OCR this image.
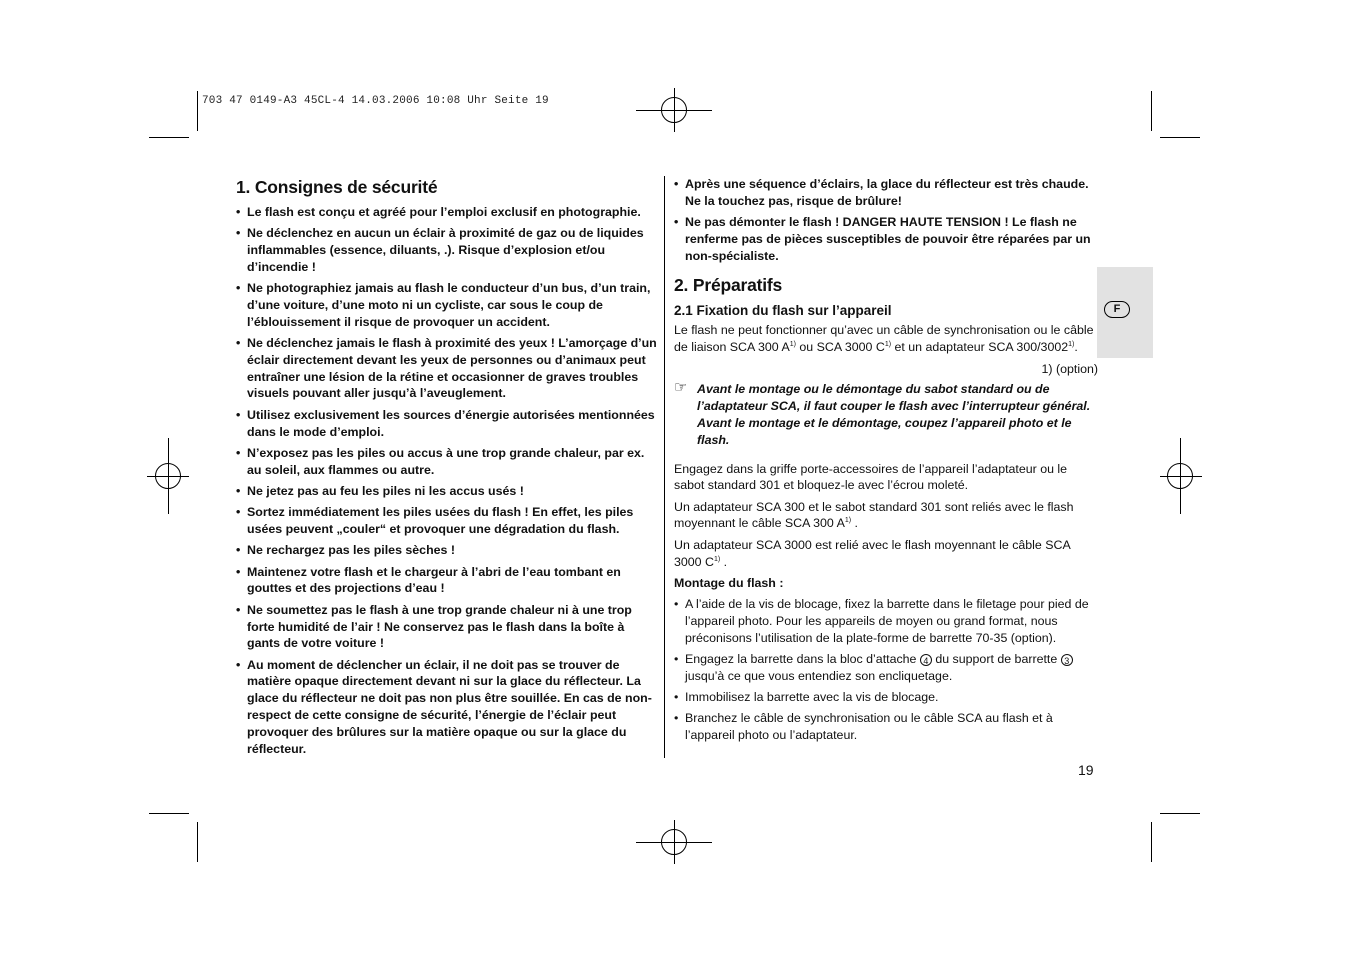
703 47 0149-A3 45CL-4 14.03.2006 10:08 Uhr Seite 19
1. Consignes de sécurité
• Le flash est conçu et agréé pour l’emploi exclusif en photographie.
• Ne déclenchez en aucun un éclair à proximité de gaz ou de liquides inflammables (essence, diluants, .). Risque d’explosion et/ou d’incendie !
• Ne photographiez jamais au flash le conducteur d’un bus, d’un train, d’une voiture, d’une moto ni un cycliste, car sous le coup de l’éblouissement il risque de provoquer un accident.
• Ne déclenchez jamais le flash à proximité des yeux ! L’amorçage d’un éclair directement devant les yeux de personnes ou d’animaux peut entraîner une lésion de la rétine et occasionner de graves troubles visuels pouvant aller jusqu’à l’aveuglement.
• Utilisez exclusivement les sources d’énergie autorisées mentionnées dans le mode d’emploi.
• N’exposez pas les piles ou accus à une trop grande chaleur, par ex. au soleil, aux flammes ou autre.
• Ne jetez pas au feu les piles ni les accus usés !
• Sortez immédiatement les piles usées du flash ! En effet, les piles usées peuvent „couler“ et provoquer une dégradation du flash.
• Ne rechargez pas les piles sèches !
• Maintenez votre flash et le chargeur à l’abri de l’eau tombant en gouttes et des projections d’eau !
• Ne soumettez pas le flash à une trop grande chaleur ni à une trop forte humidité de l’air ! Ne conservez pas le flash dans la boîte à gants de votre voiture !
• Au moment de déclencher un éclair, il ne doit pas se trouver de matière opaque directement devant ni sur la glace du réflecteur. La glace du réflecteur ne doit pas non plus être souillée. En cas de non-respect de cette consigne de sécurité, l’énergie de l’éclair peut provoquer des brûlures sur la matière opaque ou sur la glace du réflecteur.
• Après une séquence d’éclairs, la glace du réflecteur est très chaude. Ne la touchez pas, risque de brûlure!
• Ne pas démonter le flash ! DANGER HAUTE TENSION ! Le flash ne renferme pas de pièces susceptibles de pouvoir être réparées par un non-spécialiste.
2. Préparatifs
2.1 Fixation du flash sur l’appareil

Le flash ne peut fonctionner qu’avec un câble de synchronisation ou le câble de liaison SCA 300 A$^{1)}$ ou SCA 3000 C$^{1)}$ et un adaptateur SCA 300/3002$^{1)}$.

1) (option)

☞ Avant le montage ou le démontage du sabot standard ou de l’adaptateur SCA, il faut couper le flash avec l’interrupteur général. Avant le montage et le démontage, coupez l’appareil photo et le flash.

Engagez dans la griffe porte-accessoires de l’appareil l’adaptateur ou le sabot standard 301 et bloquez-le avec l’écrou moleté.

Un adaptateur SCA 300 et le sabot standard 301 sont reliés avec le flash moyennant le câble SCA 300 A$^{1)}$ .

Un adaptateur SCA 3000 est relié avec le flash moyennant le câble SCA 3000 C$^{1)}$ .

Montage du flash :

• A l’aide de la vis de blocage, fixez la barrette dans le filetage pour pied de l’appareil photo. Pour les appareils de moyen ou grand format, nous préconisons l’utilisation de la plate-forme de barrette 70-35 (option).
• Engagez la barrette dans la bloc d’attache 4 du support de barrette 3 jusqu’à ce que vous entendiez son encliquetage.
• Immobilisez la barrette avec la vis de blocage.
• Branchez le câble de synchronisation ou le câble SCA au flash et à l’appareil photo ou l’adaptateur.
F
19
